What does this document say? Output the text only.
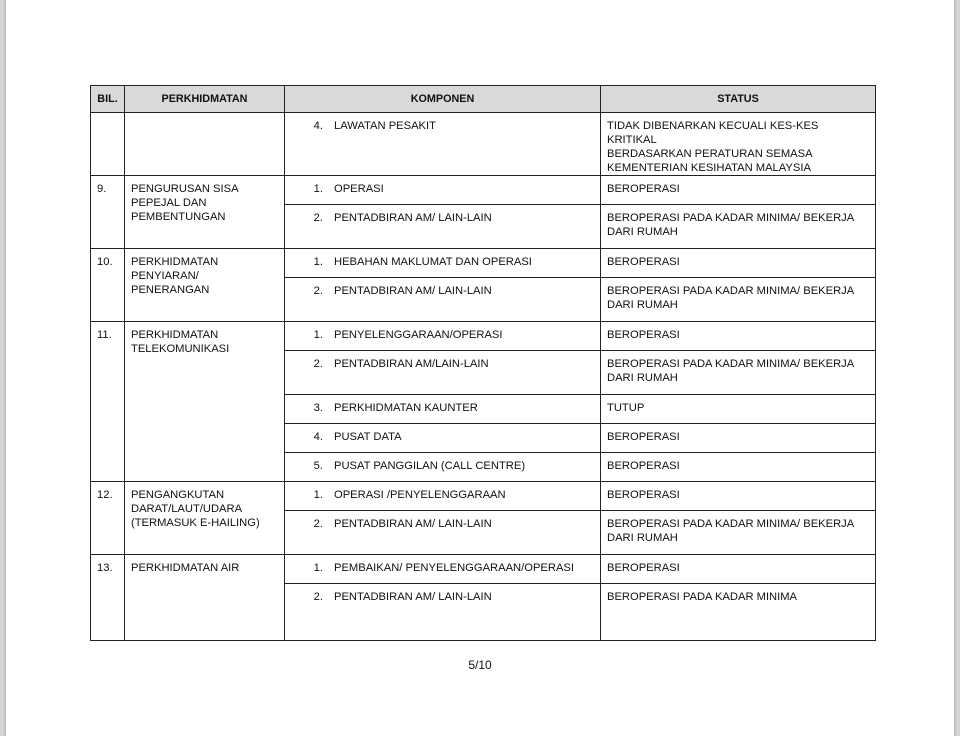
BIL.	PERKHIDMATAN	KOMPONEN	STATUS

		4. LAWATAN PESAKIT	TIDAK DIBENARKAN KECUALI KES-KES KRITIKAL
BERDASARKAN PERATURAN SEMASA
KEMENTERIAN KESIHATAN MALAYSIA

9.	PENGURUSAN SISA
PEPEJAL DAN
PEMBENTUNGAN	1. OPERASI	BEROPERASI

		2. PENTADBIRAN AM/ LAIN-LAIN	BEROPERASI PADA KADAR MINIMA/ BEKERJA
DARI RUMAH

10.	PERKHIDMATAN
PENYIARAN/ PENERANGAN	1. HEBAHAN MAKLUMAT DAN OPERASI	BEROPERASI

		2. PENTADBIRAN AM/ LAIN-LAIN	BEROPERASI PADA KADAR MINIMA/ BEKERJA
DARI RUMAH

11.	PERKHIDMATAN
TELEKOMUNIKASI	1. PENYELENGGARAAN/OPERASI	BEROPERASI

		2. PENTADBIRAN AM/LAIN-LAIN	BEROPERASI PADA KADAR MINIMA/ BEKERJA
DARI RUMAH

		3. PERKHIDMATAN KAUNTER	TUTUP

		4. PUSAT DATA	BEROPERASI

		5. PUSAT PANGGILAN (CALL CENTRE)	BEROPERASI

12.	PENGANGKUTAN
DARAT/LAUT/UDARA
(TERMASUK E-HAILING)	1. OPERASI /PENYELENGGARAAN	BEROPERASI

		2. PENTADBIRAN AM/ LAIN-LAIN	BEROPERASI PADA KADAR MINIMA/ BEKERJA
DARI RUMAH

13.	PERKHIDMATAN AIR	1. PEMBAIKAN/ PENYELENGGARAAN/OPERASI	BEROPERASI

		2. PENTADBIRAN AM/ LAIN-LAIN	BEROPERASI PADA KADAR MINIMA
5/10
